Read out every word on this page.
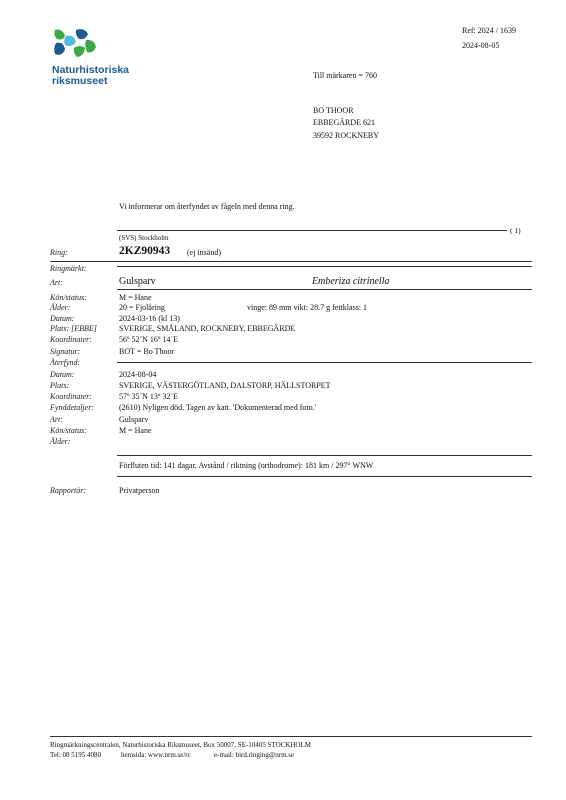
Naturhistoriska
riksmuseet
Ref: 2024 / 1639
2024-08-05
Till märkaren = 760
BO THOOR
EBBEGÄRDE 621
39592 ROCKNEBY
Vi informerar om återfyndet av fågeln med denna ring.
( 1)
(SVS) Stockholm
Ring:	2KZ90943 (ej insänd)
Ringmärkt:
Art:	Gulsparv	Emberiza citrinella
Kön/status:	M = Hane
Ålder:	20 = Fjolåring	vinge: 89 mm vikt: 28.7 g fettklass: 1
Datum:	2024-03-16 (kl 13)
Plats: [EBBE]	SVERIGE, SMÅLAND, ROCKNEBY, EBBEGÄRDE
Koordinater:	56º 52´N 16º 14´E
Signatur:	BOT = Bo Thoor
Återfynd:
Datum:	2024-08-04
Plats:	SVERIGE, VÄSTERGÖTLAND, DALSTORP, HÄLLSTORPET
Koordinater:	57º 35´N 13º 32´E
Fynddetaljer:	(2610) Nyligen död. Tagen av katt. 'Dokumenterad med foto.'
Art:	Gulsparv
Kön/status:	M = Hane
Ålder:
Förfluten tid: 141 dagar, Avstånd / riktning (orthodrome): 181 km / 297° WNW
Rapportör:	Privatperson
Ringmärkningscentralen, Naturhistoriska Riksmuseet, Box 50007, SE-10405 STOCKHOLM
Tel: 08 5195 4080	hemsida: www.nrm.se/rc	e-mail: bird.ringing@nrm.se
